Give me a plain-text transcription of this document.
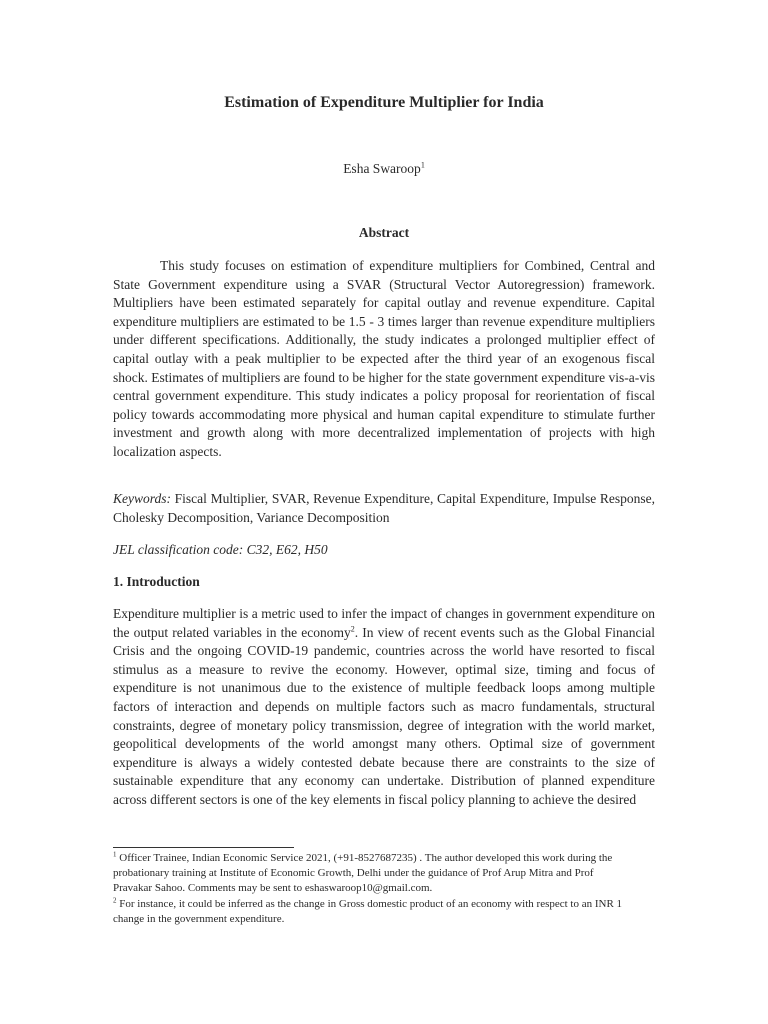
Estimation of Expenditure Multiplier for India
Esha Swaroop$^1$
Abstract

This study focuses on estimation of expenditure multipliers for Combined, Central and State Government expenditure using a SVAR (Structural Vector Autoregression) framework. Multipliers have been estimated separately for capital outlay and revenue expenditure. Capital expenditure multipliers are estimated to be 1.5 - 3 times larger than revenue expenditure multipliers under different specifications. Additionally, the study indicates a prolonged multiplier effect of capital outlay with a peak multiplier to be expected after the third year of an exogenous fiscal shock. Estimates of multipliers are found to be higher for the state government expenditure vis-a-vis central government expenditure. This study indicates a policy proposal for reorientation of fiscal policy towards accommodating more physical and human capital expenditure to stimulate further investment and growth along with more decentralized implementation of projects with high localization aspects.

Keywords: Fiscal Multiplier, SVAR, Revenue Expenditure, Capital Expenditure, Impulse Response, Cholesky Decomposition, Variance Decomposition

JEL classification code: C32, E62, H50

1. Introduction

Expenditure multiplier is a metric used to infer the impact of changes in government expenditure on the output related variables in the economy$^2$. In view of recent events such as the Global Financial Crisis and the ongoing COVID-19 pandemic, countries across the world have resorted to fiscal stimulus as a measure to revive the economy. However, optimal size, timing and focus of expenditure is not unanimous due to the existence of multiple feedback loops among multiple factors of interaction and depends on multiple factors such as macro fundamentals, structural constraints, degree of monetary policy transmission, degree of integration with the world market, geopolitical developments of the world amongst many others. Optimal size of government expenditure is always a widely contested debate because there are constraints to the size of sustainable expenditure that any economy can undertake. Distribution of planned expenditure across different sectors is one of the key elements in fiscal policy planning to achieve the desired

$^1$ Officer Trainee, Indian Economic Service 2021, (+91-8527687235) . The author developed this work during the probationary training at Institute of Economic Growth, Delhi under the guidance of Prof Arup Mitra and Prof Pravakar Sahoo. Comments may be sent to eshaswaroop10@gmail.com.

$^2$ For instance, it could be inferred as the change in Gross domestic product of an economy with respect to an INR 1 change in the government expenditure.
